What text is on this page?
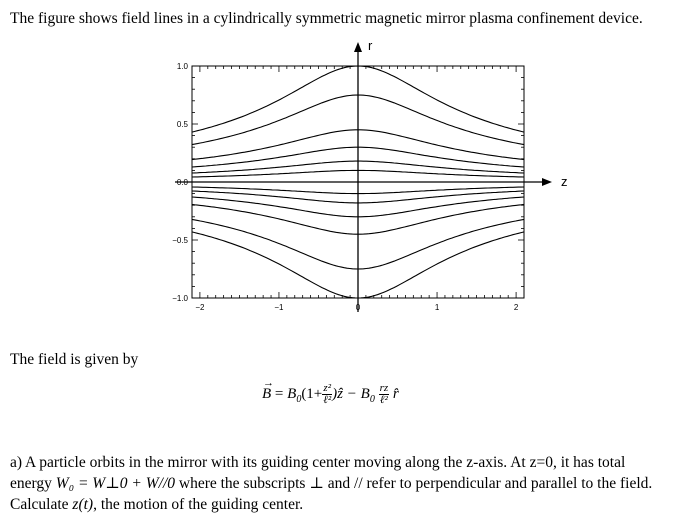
The figure shows field lines in a cylindrically symmetric magnetic mirror plasma confinement device.
r
z
1.0
0.5
0.0
−0.5
−1.0
−2	−1	0	1	2
The field is given by
→
$B = B_0(1+ \frac{\text{z²}}{\text{ℓ²}}$ )ẑ − $B_0 \frac{rz}{\text{ℓ²}}$ r̂
a) A particle orbits in the mirror with its guiding center moving along the z-axis. At z=0, it has total
energy W₀ = W⊥0 + W//0 where the subscripts ⊥ and // refer to perpendicular and parallel to the field.
Calculate z(t), the motion of the guiding center.
